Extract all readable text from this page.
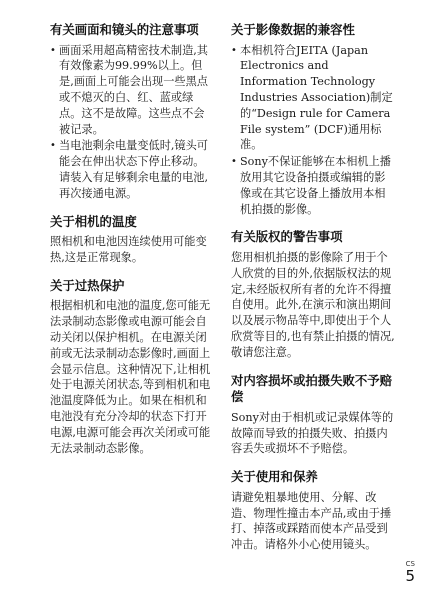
有关画面和镜头的注意事项
• 画面采用超高精密技术制造,其有效像素为99.99%以上。但是,画面上可能会出现一些黑点或不熄灭的白、红、蓝或绿点。这不是故障。这些点不会被记录。
• 当电池剩余电量变低时,镜头可能会在伸出状态下停止移动。请装入有足够剩余电量的电池,再次接通电源。
关于相机的温度

照相机和电池因连续使用可能变热,这是正常现象。

关于过热保护

根据相机和电池的温度,您可能无法录制动态影像或电源可能会自动关闭以保护相机。在电源关闭前或无法录制动态影像时,画面上会显示信息。这种情况下,让相机处于电源关闭状态,等到相机和电池温度降低为止。如果在相机和电池没有充分冷却的状态下打开电源,电源可能会再次关闭或可能无法录制动态影像。

关于影像数据的兼容性
• 本相机符合JEITA (Japan Electronics and Information Technology Industries Association)制定的“Design rule for Camera File system” (DCF)通用标准。
• Sony不保证能够在本相机上播放用其它设备拍摄或编辑的影像或在其它设备上播放用本相机拍摄的影像。
有关版权的警告事项

您用相机拍摄的影像除了用于个人欣赏的目的外,依据版权法的规定,未经版权所有者的允许不得擅自使用。此外,在演示和演出期间以及展示物品等中,即使出于个人欣赏等目的,也有禁止拍摄的情况,敬请您注意。

对内容损坏或拍摄失败不予赔偿

Sony对由于相机或记录媒体等的故障而导致的拍摄失败、拍摄内容丢失或损坏不予赔偿。

关于使用和保养

请避免粗暴地使用、分解、改造、物理性撞击本产品,或由于捶打、掉落或踩踏而使本产品受到冲击。请格外小心使用镜头。

CS
5
